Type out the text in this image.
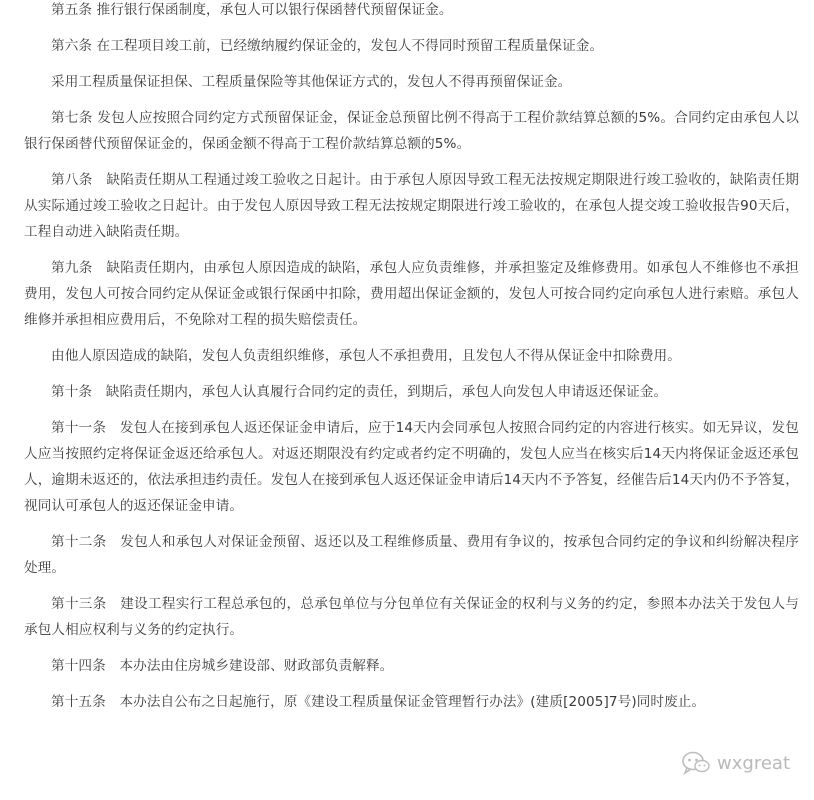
第五条 推行银行保函制度，承包人可以银行保函替代预留保证金。

第六条 在工程项目竣工前，已经缴纳履约保证金的，发包人不得同时预留工程质量保证金。

采用工程质量保证担保、工程质量保险等其他保证方式的，发包人不得再预留保证金。

第七条 发包人应按照合同约定方式预留保证金，保证金总预留比例不得高于工程价款结算总额的5%。合同约定由承包人以银行保函替代预留保证金的，保函金额不得高于工程价款结算总额的5%。

第八条　缺陷责任期从工程通过竣工验收之日起计。由于承包人原因导致工程无法按规定期限进行竣工验收的，缺陷责任期从实际通过竣工验收之日起计。由于发包人原因导致工程无法按规定期限进行竣工验收的，在承包人提交竣工验收报告90天后，工程自动进入缺陷责任期。

第九条　缺陷责任期内，由承包人原因造成的缺陷，承包人应负责维修，并承担鉴定及维修费用。如承包人不维修也不承担费用，发包人可按合同约定从保证金或银行保函中扣除，费用超出保证金额的，发包人可按合同约定向承包人进行索赔。承包人维修并承担相应费用后，不免除对工程的损失赔偿责任。

由他人原因造成的缺陷，发包人负责组织维修，承包人不承担费用，且发包人不得从保证金中扣除费用。

第十条　缺陷责任期内，承包人认真履行合同约定的责任，到期后，承包人向发包人申请返还保证金。

第十一条　发包人在接到承包人返还保证金申请后，应于14天内会同承包人按照合同约定的内容进行核实。如无异议，发包人应当按照约定将保证金返还给承包人。对返还期限没有约定或者约定不明确的，发包人应当在核实后14天内将保证金返还承包人，逾期未返还的，依法承担违约责任。发包人在接到承包人返还保证金申请后14天内不予答复，经催告后14天内仍不予答复，视同认可承包人的返还保证金申请。

第十二条　发包人和承包人对保证金预留、返还以及工程维修质量、费用有争议的，按承包合同约定的争议和纠纷解决程序处理。

第十三条　建设工程实行工程总承包的，总承包单位与分包单位有关保证金的权利与义务的约定，参照本办法关于发包人与承包人相应权利与义务的约定执行。

第十四条　本办法由住房城乡建设部、财政部负责解释。

第十五条　本办法自公布之日起施行，原《建设工程质量保证金管理暂行办法》(建质[2005]7号)同时废止。

wxgreat
